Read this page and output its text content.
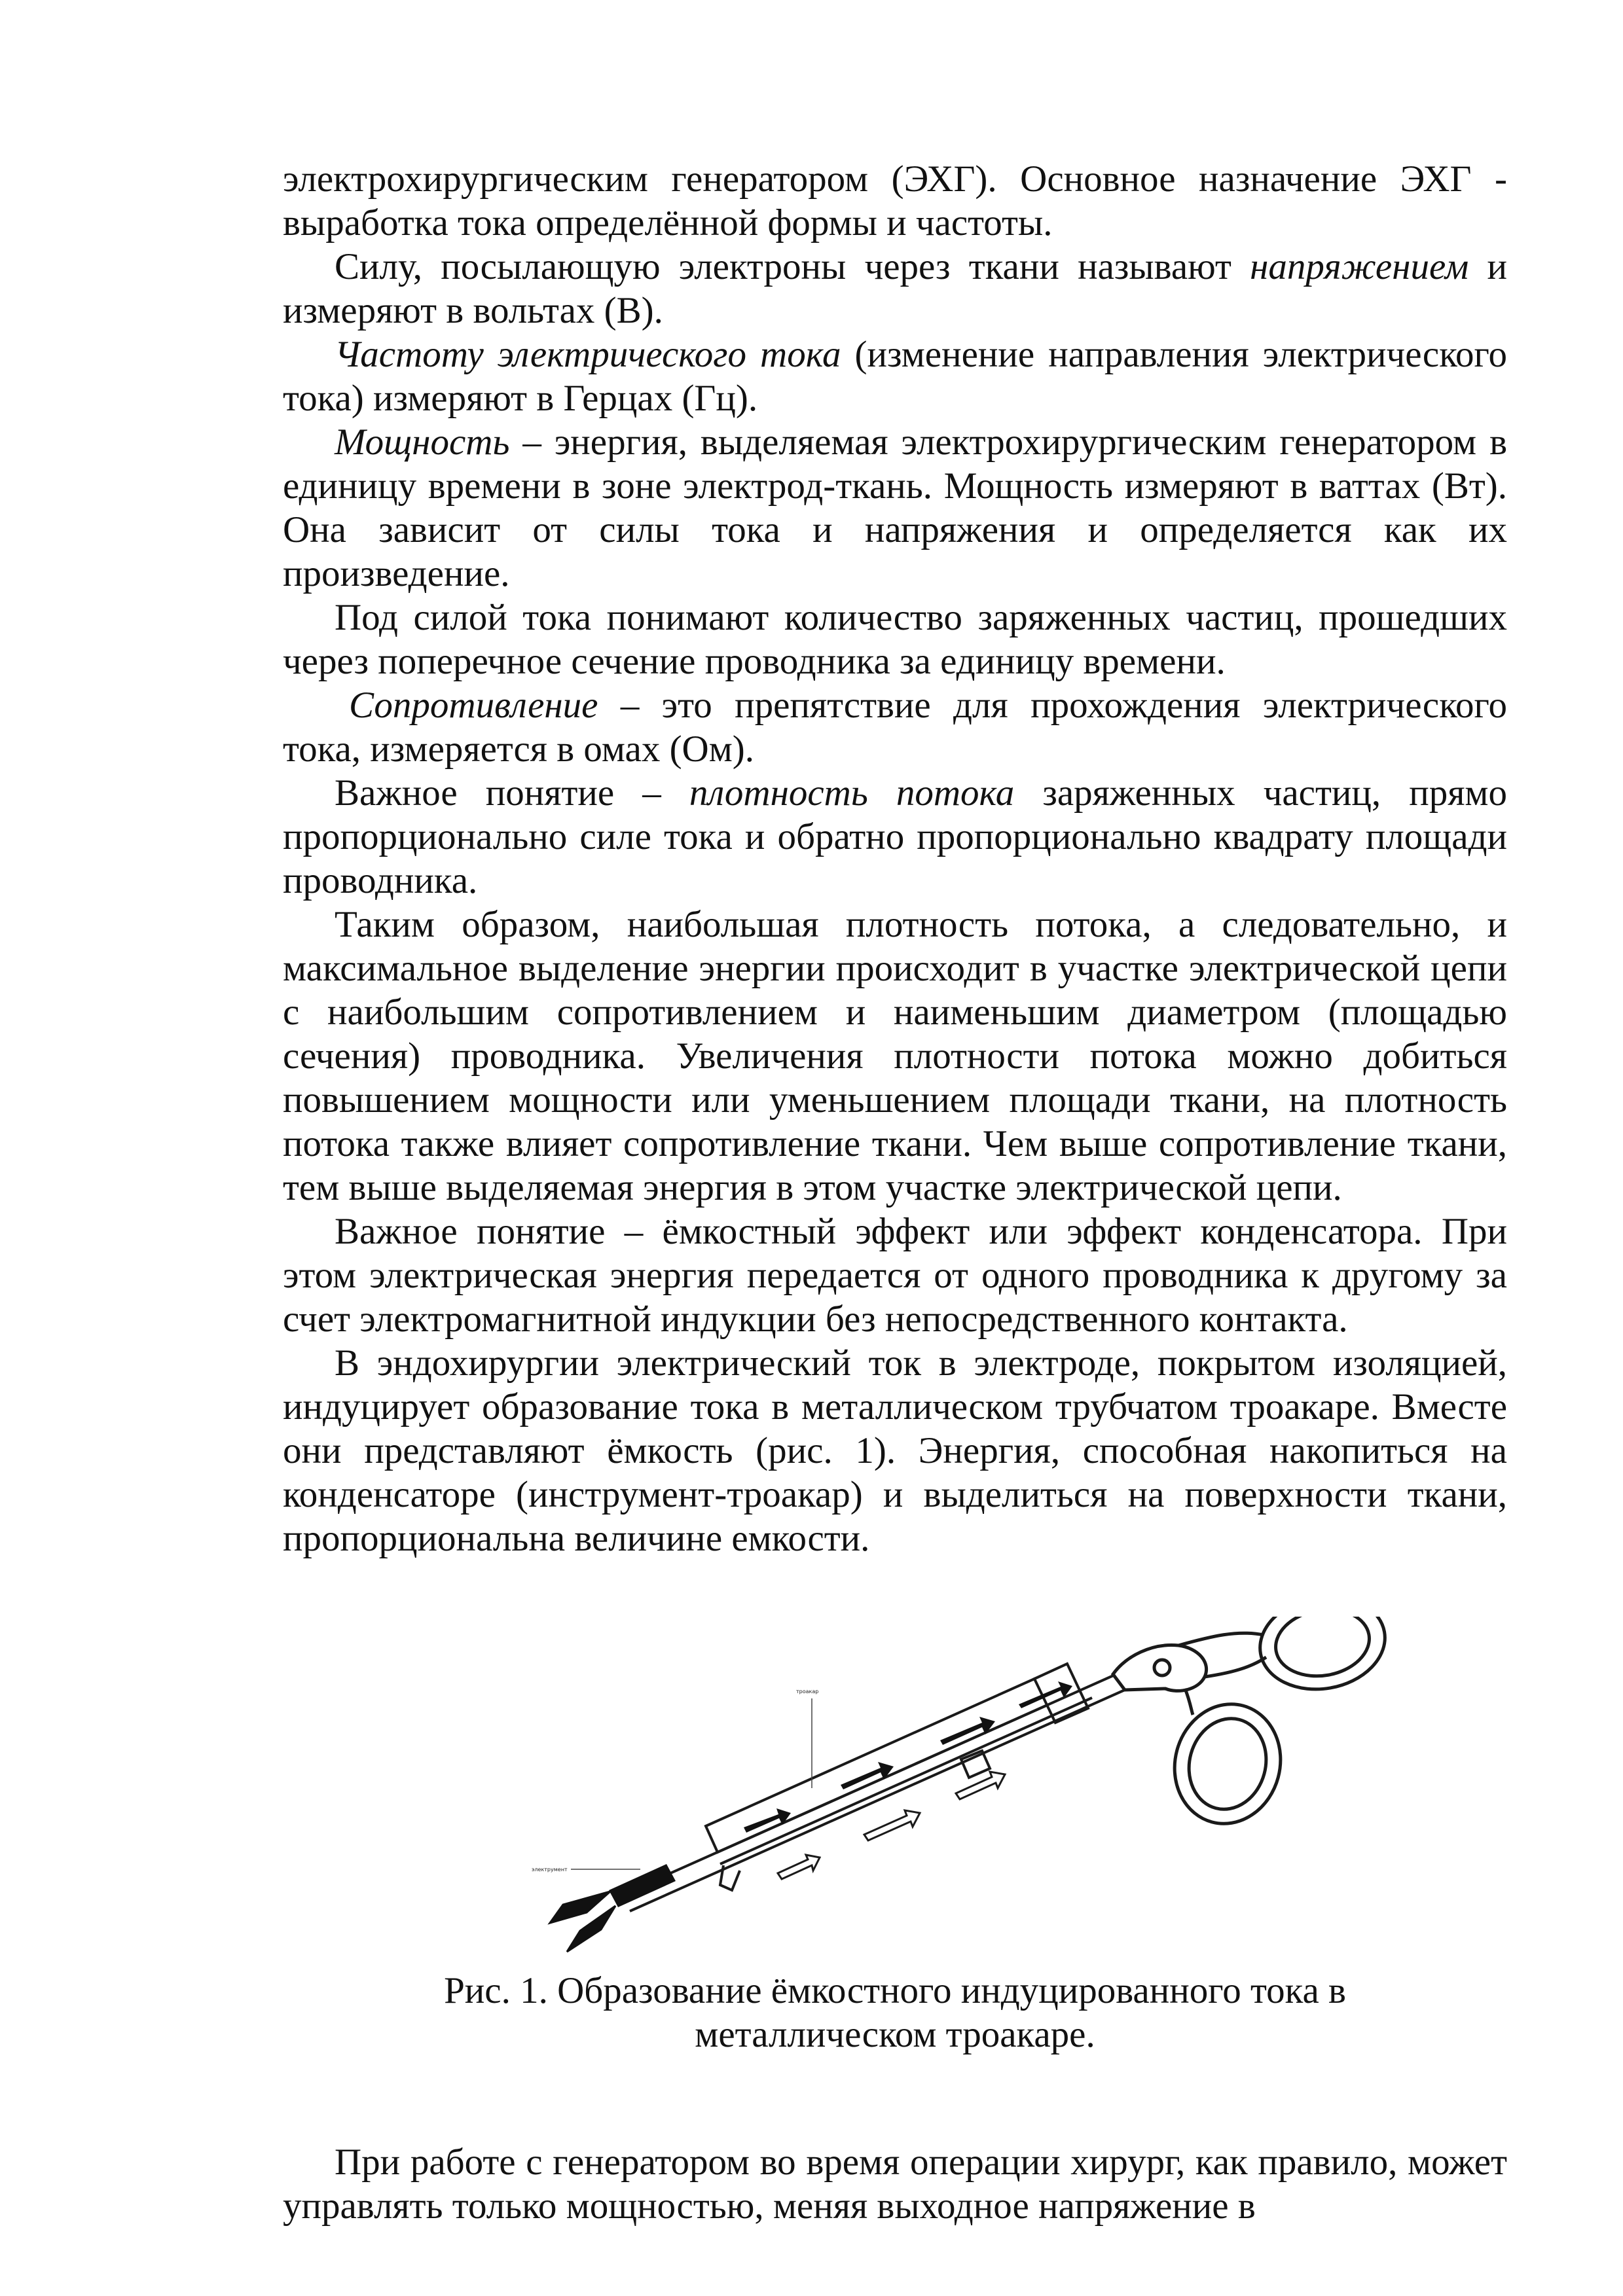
электрохирургическим генератором (ЭХГ). Основное назначение ЭХГ - выработка тока определённой формы и частоты.

Силу, посылающую электроны через ткани называют напряжением и измеряют в вольтах (В).

Частоту электрического тока (изменение направления электрического тока) измеряют в Герцах (Гц).

Мощность – энергия, выделяемая электрохирургическим генератором в единицу времени в зоне электрод-ткань. Мощность измеряют в ваттах (Вт). Она зависит от силы тока и напряжения и определяется как их произведение.

Под силой тока понимают количество заряженных частиц, прошедших через поперечное сечение проводника за единицу времени.

Сопротивление – это препятствие для прохождения электрического тока, измеряется в омах (Ом).

Важное понятие – плотность потока заряженных частиц, прямо пропорционально силе тока и обратно пропорционально квадрату площади проводника.

Таким образом, наибольшая плотность потока, а следовательно, и максимальное выделение энергии происходит в участке электрической цепи с наибольшим сопротивлением и наименьшим диаметром (площадью сечения) проводника. Увеличения плотности потока можно добиться повышением мощности или уменьшением площади ткани, на плотность потока также влияет сопротивление ткани. Чем выше сопротивление ткани, тем выше выделяемая энергия в этом участке электрической цепи.

Важное понятие – ёмкостный эффект или эффект конденсатора. При этом электрическая энергия передается от одного проводника к другому за счет электромагнитной индукции без непосредственного контакта.

В эндохирургии электрический ток в электроде, покрытом изоляцией, индуцирует образование тока в металлическом трубчатом троакаре. Вместе они представляют ёмкость (рис. 1). Энергия, способная накопиться на конденсаторе (инструмент-троакар) и выделиться на поверхности ткани, пропорциональна величине емкости.

троакар
электрумент
Рис. 1. Образование ёмкостного индуцированного тока в
металлическом троакаре.

При работе с генератором во время операции хирург, как правило, может управлять только мощностью, меняя выходное напряжение в
